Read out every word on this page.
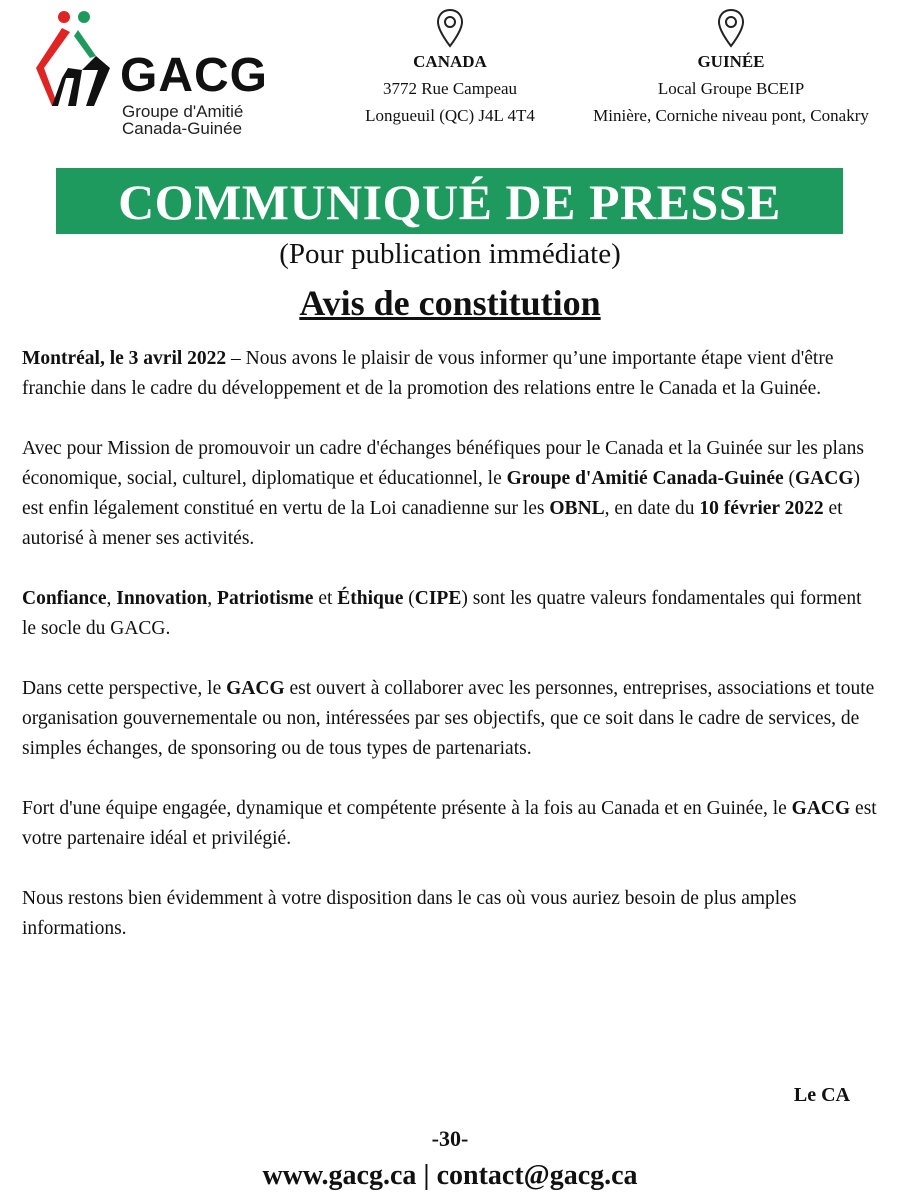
GACG
Groupe d'Amitié
Canada-Guinée
CANADA
3772 Rue Campeau
Longueuil (QC) J4L 4T4
GUINÉE
Local Groupe BCEIP
Minière, Corniche niveau pont, Conakry
COMMUNIQUÉ DE PRESSE
(Pour publication immédiate)
Avis de constitution

Montréal, le 3 avril 2022 – Nous avons le plaisir de vous informer qu’une importante étape vient d'être franchie dans le cadre du développement et de la promotion des relations entre le Canada et la Guinée.

Avec pour Mission de promouvoir un cadre d'échanges bénéfiques pour le Canada et la Guinée sur les plans économique, social, culturel, diplomatique et éducationnel, le Groupe d'Amitié Canada-Guinée (GACG) est enfin légalement constitué en vertu de la Loi canadienne sur les OBNL, en date du 10 février 2022 et autorisé à mener ses activités.

Confiance, Innovation, Patriotisme et Éthique (CIPE) sont les quatre valeurs fondamentales qui forment le socle du GACG.

Dans cette perspective, le GACG est ouvert à collaborer avec les personnes, entreprises, associations et toute organisation gouvernementale ou non, intéressées par ses objectifs, que ce soit dans le cadre de services, de simples échanges, de sponsoring ou de tous types de partenariats.

Fort d'une équipe engagée, dynamique et compétente présente à la fois au Canada et en Guinée, le GACG est votre partenaire idéal et privilégié.

Nous restons bien évidemment à votre disposition dans le cas où vous auriez besoin de plus amples informations.

Le CA
-30-
www.gacg.ca | contact@gacg.ca
